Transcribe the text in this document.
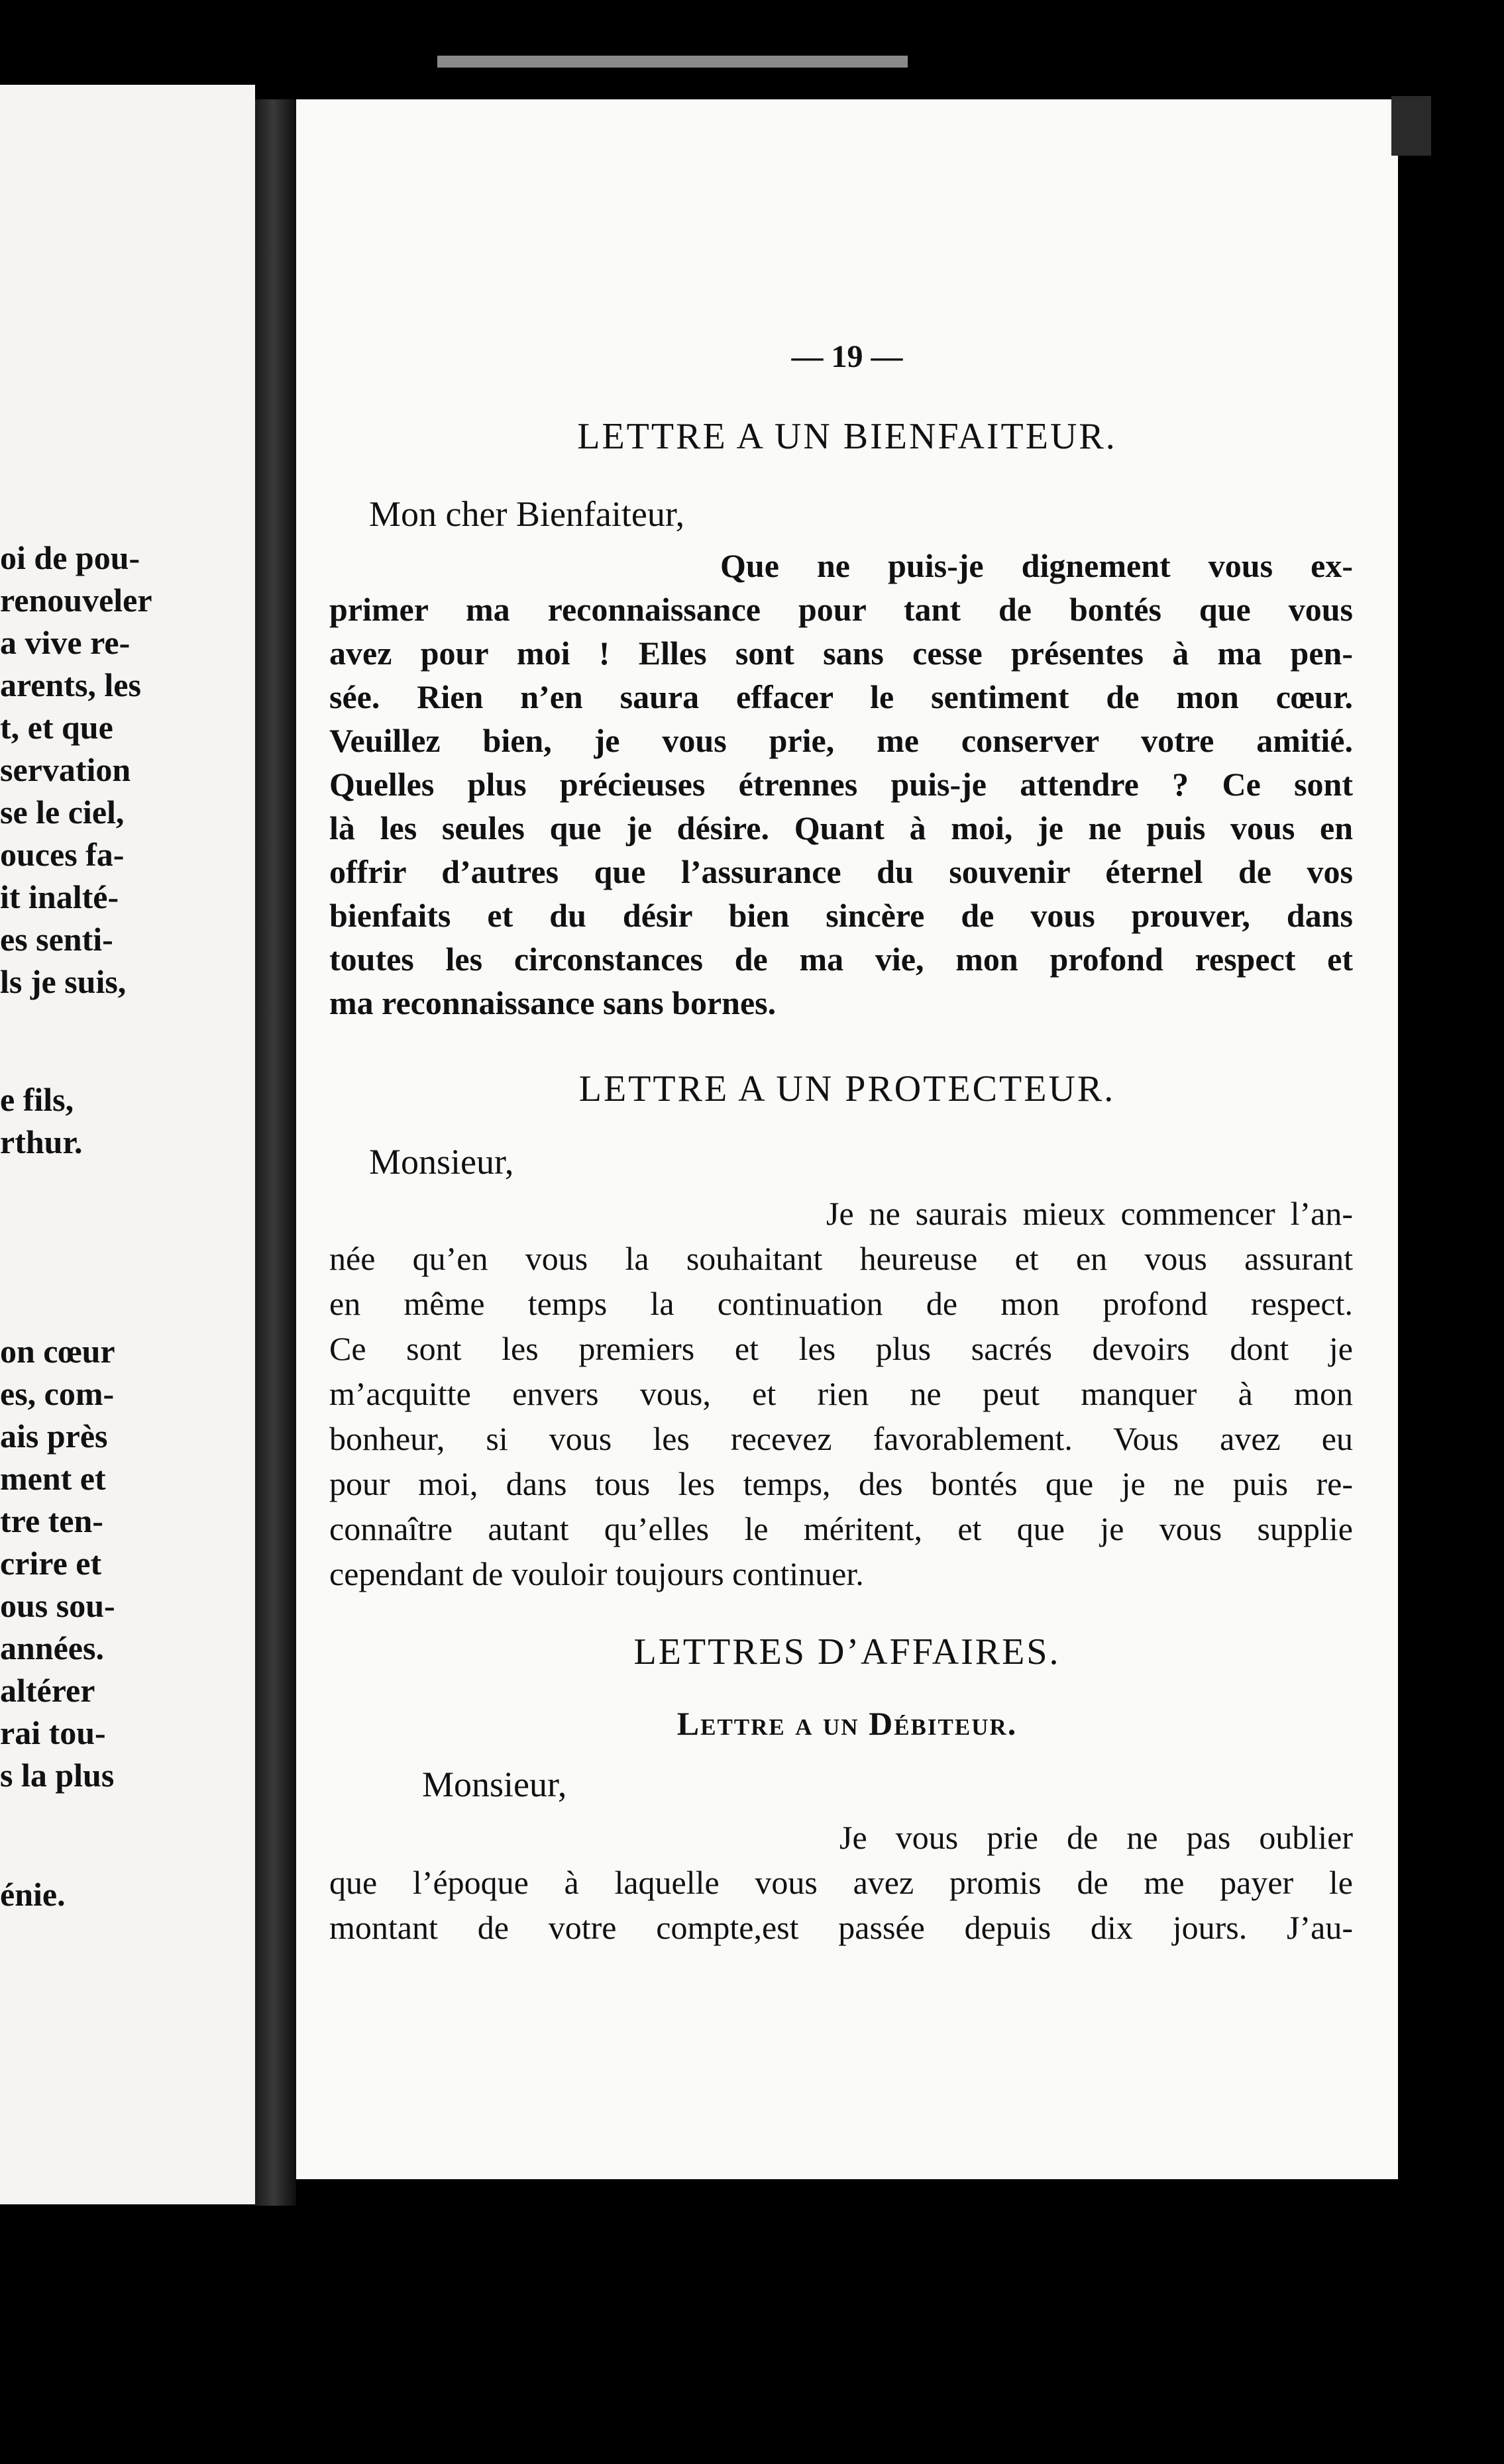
oi de pou-
renouveler
a vive re-
arents, les
t, et que
servation
se le ciel,
ouces fa-
it inalté-
es senti-
ls je suis,
e fils,
rthur.
on cœur
es, com-
ais près
ment et
tre ten-
crire et
ous sou-
années.
altérer
rai tou-
s la plus
énie.
— 19 —
LETTRE A UN BIENFAITEUR.
Mon cher Bienfaiteur,
Que ne puis-je dignement vous ex-
primer ma reconnaissance pour tant de bontés que vous
avez pour moi ! Elles sont sans cesse présentes à ma pen-
sée. Rien n’en saura effacer le sentiment de mon cœur.
Veuillez bien, je vous prie, me conserver votre amitié.
Quelles plus précieuses étrennes puis-je attendre ? Ce sont
là les seules que je désire. Quant à moi, je ne puis vous en
offrir d’autres que l’assurance du souvenir éternel de vos
bienfaits et du désir bien sincère de vous prouver, dans
toutes les circonstances de ma vie, mon profond respect et
ma reconnaissance sans bornes.
LETTRE A UN PROTECTEUR.
Monsieur,
Je ne saurais mieux commencer l’an-
née qu’en vous la souhaitant heureuse et en vous assurant
en même temps la continuation de mon profond respect.
Ce sont les premiers et les plus sacrés devoirs dont je
m’acquitte envers vous, et rien ne peut manquer à mon
bonheur, si vous les recevez favorablement. Vous avez eu
pour moi, dans tous les temps, des bontés que je ne puis re-
connaître autant qu’elles le méritent, et que je vous supplie
cependant de vouloir toujours continuer.
LETTRES D’AFFAIRES.
Lettre a un Débiteur.
Monsieur,
Je vous prie de ne pas oublier
que l’époque à laquelle vous avez promis de me payer le
montant de votre compte,est passée depuis dix jours. J’au-
